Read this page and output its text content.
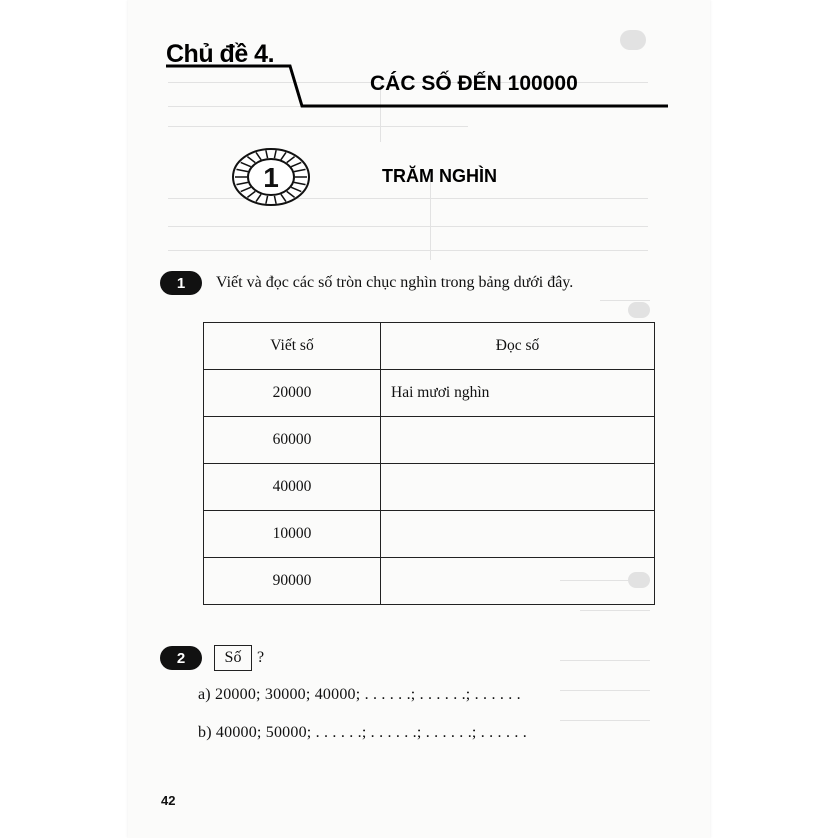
Chủ đề 4.
CÁC SỐ ĐẾN 100000
1	TRĂM NGHÌN
1	Viết và đọc các số tròn chục nghìn trong bảng dưới đây.
Viết số	Đọc số
20000	Hai mươi nghìn
60000	
40000	
10000	
90000	
2	Số ?
a) 20000; 30000; 40000; . . . . . .; . . . . . .; . . . . . .
b) 40000; 50000; . . . . . .; . . . . . .; . . . . . .; . . . . . .
42
